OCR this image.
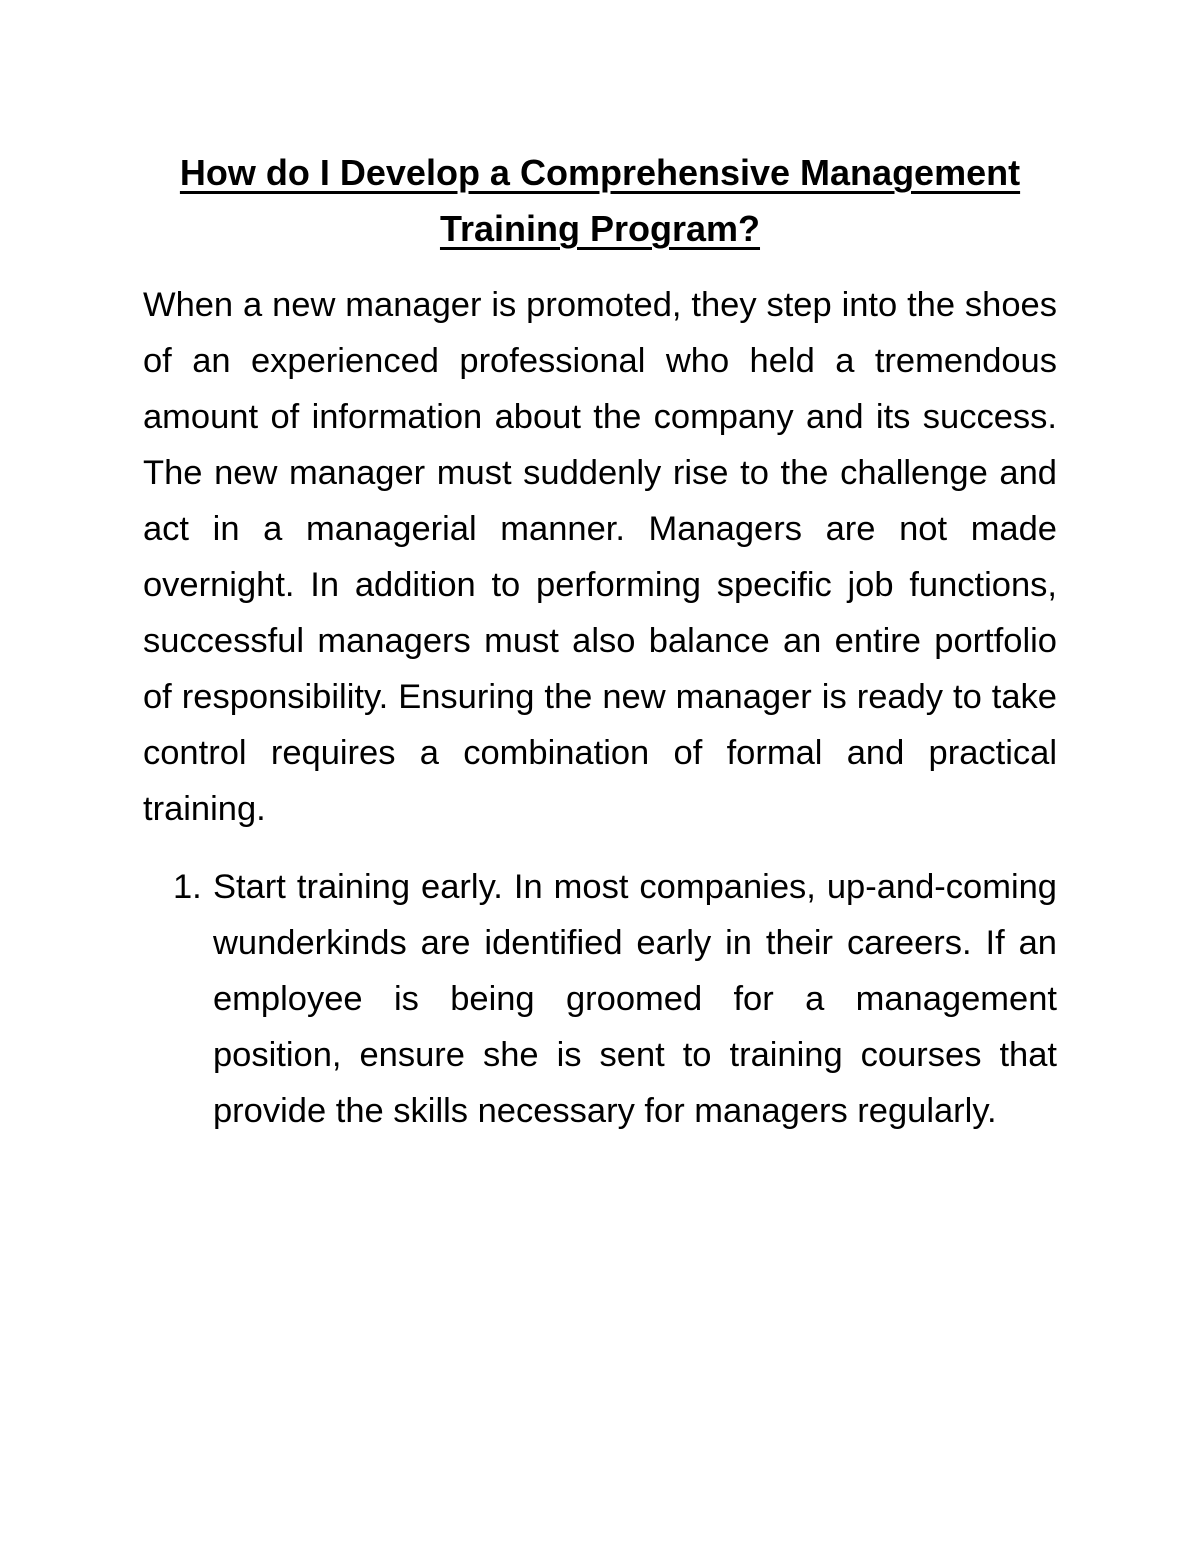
How do I Develop a Comprehensive Management Training Program?

When a new manager is promoted, they step into the shoes of an experienced professional who held a tremendous amount of information about the company and its success. The new manager must suddenly rise to the challenge and act in a managerial manner. Managers are not made overnight. In addition to performing specific job functions, successful managers must also balance an entire portfolio of responsibility. Ensuring the new manager is ready to take control requires a combination of formal and practical training.

1. Start training early. In most companies, up-and-coming wunderkinds are identified early in their careers. If an employee is being groomed for a management position, ensure she is sent to training courses that provide the skills necessary for managers regularly.
